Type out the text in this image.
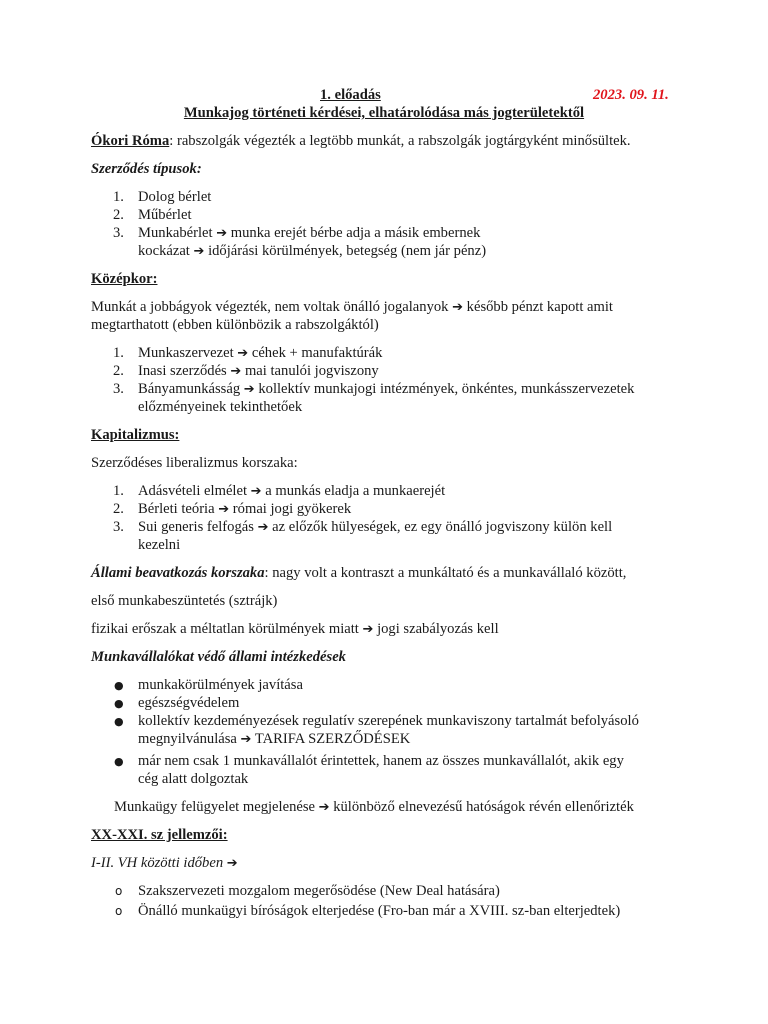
1. előadás	2023. 09. 11.
Munkajog történeti kérdései, elhatárolódása más jogterületektől
Ókori Róma: rabszolgák végezték a legtöbb munkát, a rabszolgák jogtárgyként minősültek.
Szerződés típusok:
1. Dolog bérlet
2. Műbérlet
3. Munkabérlet ➔ munka erejét bérbe adja a másik embernek
kockázat ➔ időjárási körülmények, betegség (nem jár pénz)
Középkor:
Munkát a jobbágyok végezték, nem voltak önálló jogalanyok ➔ később pénzt kapott amit
megtarthatott (ebben különbözik a rabszolgáktól)
1. Munkaszervezet ➔ céhek + manufaktúrák
2. Inasi szerződés ➔ mai tanulói jogviszony
3. Bányamunkásság ➔ kollektív munkajogi intézmények, önkéntes, munkásszervezetek
előzményeinek tekinthetőek
Kapitalizmus:
Szerződéses liberalizmus korszaka:
1. Adásvételi elmélet ➔ a munkás eladja a munkaerejét
2. Bérleti teória ➔ római jogi gyökerek
3. Sui generis felfogás ➔ az előzők hülyeségek, ez egy önálló jogviszony külön kell
kezelni
Állami beavatkozás korszaka: nagy volt a kontraszt a munkáltató és a munkavállaló között,
első munkabeszüntetés (sztrájk)
fizikai erőszak a méltatlan körülmények miatt ➔ jogi szabályozás kell
Munkavállalókat védő állami intézkedések
● munkakörülmények javítása
● egészségvédelem
● kollektív kezdeményezések regulatív szerepének munkaviszony tartalmát befolyásoló
megnyilvánulása ➔ TARIFA SZERZŐDÉSEK
● már nem csak 1 munkavállalót érintettek, hanem az összes munkavállalót, akik egy
cég alatt dolgoztak
Munkaügy felügyelet megjelenése ➔ különböző elnevezésű hatóságok révén ellenőrizték
XX-XXI. sz jellemzői:
I-II. VH közötti időben ➔
o Szakszervezeti mozgalom megerősödése (New Deal hatására)
o Önálló munkaügyi bíróságok elterjedése (Fro-ban már a XVIII. sz-ban elterjedtek)
